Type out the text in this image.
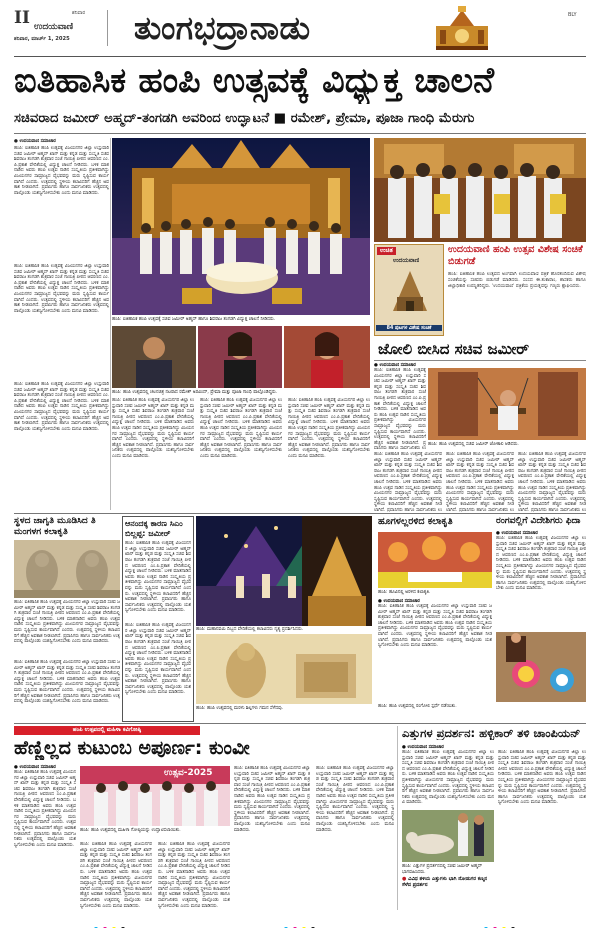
II ಉದಯವಾಣಿ
ಶನಿವಾರ
ಶನಿವಾರ, ಮಾರ್ಚ್ 1, 2025 ತುಂಗಭದ್ರಾನಾಡು	BLY
ಐತಿಹಾಸಿಕ ಹಂಪಿ ಉತ್ಸವಕ್ಕೆ ವಿಧ್ಯುಕ್ತ ಚಾಲನೆ
ಸಚಿವರಾದ ಜಮೀರ್ ಅಹ್ಮದ್-ತಂಗಡಗಿ ಅವರಿಂದ ಉದ್ಘಾಟನೆ ■ ರಮೇಶ್, ಪ್ರೇಮಾ, ಪೂಜಾ ಗಾಂಧಿ ಮೆರುಗು
● ಉದಯವಾಣಿ ಸಮಾಚಾರ
ಹಂಪಿ: ಐತಿಹಾಸಿಕ ಹಂಪಿ ಉತ್ಸವಕ್ಕೆ ವಿಜಯನಗರ ಜಿಲ್ಲಾ ಉಸ್ತುವಾರಿ ಸಚಿವ ಜಮೀರ್ ಅಹ್ಮದ್ ಖಾನ್ ಮತ್ತು ಕನ್ನಡ ಮತ್ತು ಸಂಸ್ಕೃತಿ ಸಚಿವ ಶಿವರಾಜ ತಂಗಡಗಿ ಶುಕ್ರವಾರ ಸಂಜೆ ಗಾಯಿತ್ರಿ ಪೀಠದ ಆವರಣದ ಎಂ.ಪಿ.ಪ್ರಕಾಶ ವೇದಿಕೆಯಲ್ಲಿ ವಿಧ್ಯುಕ್ತ ಚಾಲನೆ ನೀಡಿದರು. ಬಳಿಕ ಮಾತನಾಡಿದ ಅವರು ಹಂಪಿ ಉತ್ಸವ ನಾಡಿನ ಸಂಸ್ಕೃತಿಯ ಪ್ರತೀಕವಾಗಿದ್ದು ವಿಜಯನಗರ ಸಾಮ್ರಾಜ್ಯದ ವೈಭವವನ್ನು ಮರು ಸೃಷ್ಟಿಸುವ ಕಾರ್ಯವಾಗಿದೆ ಎಂದರು. ಉತ್ಸವದಲ್ಲಿ ಸ್ಥಳೀಯ ಕಲಾವಿದರಿಗೆ ಹೆಚ್ಚಿನ ಅವಕಾಶ ನೀಡಲಾಗಿದೆ. ಪ್ರವಾಸಿಗರು ಹಾಗೂ ಸಾರ್ವಜನಿಕರು ಉತ್ಸವದಲ್ಲಿ ಪಾಲ್ಗೊಂಡು ಯಶಸ್ವಿಗೊಳಿಸಬೇಕು ಎಂದು ಮನವಿ ಮಾಡಿದರು.
ಹಂಪಿ: ಐತಿಹಾಸಿಕ ಹಂಪಿ ಉತ್ಸವಕ್ಕೆ ವಿಜಯನಗರ ಜಿಲ್ಲಾ ಉಸ್ತುವಾರಿ ಸಚಿವ ಜಮೀರ್ ಅಹ್ಮದ್ ಖಾನ್ ಮತ್ತು ಕನ್ನಡ ಮತ್ತು ಸಂಸ್ಕೃತಿ ಸಚಿವ ಶಿವರಾಜ ತಂಗಡಗಿ ಶುಕ್ರವಾರ ಸಂಜೆ ಗಾಯಿತ್ರಿ ಪೀಠದ ಆವರಣದ ಎಂ.ಪಿ.ಪ್ರಕಾಶ ವೇದಿಕೆಯಲ್ಲಿ ವಿಧ್ಯುಕ್ತ ಚಾಲನೆ ನೀಡಿದರು. ಬಳಿಕ ಮಾತನಾಡಿದ ಅವರು ಹಂಪಿ ಉತ್ಸವ ನಾಡಿನ ಸಂಸ್ಕೃತಿಯ ಪ್ರತೀಕವಾಗಿದ್ದು ವಿಜಯನಗರ ಸಾಮ್ರಾಜ್ಯದ ವೈಭವವನ್ನು ಮರು ಸೃಷ್ಟಿಸುವ ಕಾರ್ಯವಾಗಿದೆ ಎಂದರು. ಉತ್ಸವದಲ್ಲಿ ಸ್ಥಳೀಯ ಕಲಾವಿದರಿಗೆ ಹೆಚ್ಚಿನ ಅವಕಾಶ ನೀಡಲಾಗಿದೆ. ಪ್ರವಾಸಿಗರು ಹಾಗೂ ಸಾರ್ವಜನಿಕರು ಉತ್ಸವದಲ್ಲಿ ಪಾಲ್ಗೊಂಡು ಯಶಸ್ವಿಗೊಳಿಸಬೇಕು ಎಂದು ಮನವಿ ಮಾಡಿದರು.
ಹಂಪಿ: ಐತಿಹಾಸಿಕ ಹಂಪಿ ಉತ್ಸವಕ್ಕೆ ವಿಜಯನಗರ ಜಿಲ್ಲಾ ಉಸ್ತುವಾರಿ ಸಚಿವ ಜಮೀರ್ ಅಹ್ಮದ್ ಖಾನ್ ಮತ್ತು ಕನ್ನಡ ಮತ್ತು ಸಂಸ್ಕೃತಿ ಸಚಿವ ಶಿವರಾಜ ತಂಗಡಗಿ ಶುಕ್ರವಾರ ಸಂಜೆ ಗಾಯಿತ್ರಿ ಪೀಠದ ಆವರಣದ ಎಂ.ಪಿ.ಪ್ರಕಾಶ ವೇದಿಕೆಯಲ್ಲಿ ವಿಧ್ಯುಕ್ತ ಚಾಲನೆ ನೀಡಿದರು. ಬಳಿಕ ಮಾತನಾಡಿದ ಅವರು ಹಂಪಿ ಉತ್ಸವ ನಾಡಿನ ಸಂಸ್ಕೃತಿಯ ಪ್ರತೀಕವಾಗಿದ್ದು ವಿಜಯನಗರ ಸಾಮ್ರಾಜ್ಯದ ವೈಭವವನ್ನು ಮರು ಸೃಷ್ಟಿಸುವ ಕಾರ್ಯವಾಗಿದೆ ಎಂದರು. ಉತ್ಸವದಲ್ಲಿ ಸ್ಥಳೀಯ ಕಲಾವಿದರಿಗೆ ಹೆಚ್ಚಿನ ಅವಕಾಶ ನೀಡಲಾಗಿದೆ. ಪ್ರವಾಸಿಗರು ಹಾಗೂ ಸಾರ್ವಜನಿಕರು ಉತ್ಸವದಲ್ಲಿ ಪಾಲ್ಗೊಂಡು ಯಶಸ್ವಿಗೊಳಿಸಬೇಕು ಎಂದು ಮನವಿ ಮಾಡಿದರು.
ಹಂಪಿ: ಐತಿಹಾಸಿಕ ಹಂಪಿ ಉತ್ಸವಕ್ಕೆ ಸಚಿವ ಜಮೀರ್ ಅಹ್ಮದ್ ಹಾಗೂ ಶಿವರಾಜ ತಂಗಡಗಿ ವಿಧ್ಯುಕ್ತ ಚಾಲನೆ ನೀಡಿದರು.
ಉಚಿತ
ಉದಯವಾಣಿ
84 ಪುಟಗಳ ವಿಶೇಷ ಸಂಚಿಕೆ
ಉದಯವಾಣಿ ಹಂಪಿ ಉತ್ಸವ ವಿಶೇಷ ಸಂಚಿಕೆ ಬಿಡುಗಡೆ
ಹಂಪಿ: ಐತಿಹಾಸಿಕ ಹಂಪಿ ಉತ್ಸವದ ಅಂಗವಾಗಿ ಉದಯವಾಣಿ ಪತ್ರಿಕೆ ಹೊರತಂದಿರುವ ವಿಶೇಷ ಸಂಚಿಕೆಯನ್ನು ಸಚಿವರು ಬಿಡುಗಡೆ ಮಾಡಿದರು. ಸಂಸದ ಈ.ತುಕಾರಾಂ, ಶಾಸಕರು ಹಾಗೂ ಜಿಲ್ಲಾಧಿಕಾರಿ ಉಪಸ್ಥಿತರಿದ್ದರು. 'ಉದಯವಾಣಿ' ಪತ್ರಿಕೆಯ ಪ್ರಯತ್ನವನ್ನು ಗಣ್ಯರು ಶ್ಲಾಘಿಸಿದರು.
ಹಂಪಿ: ಹಂಪಿ ಉತ್ಸವದಲ್ಲಿ ಚಲನಚಿತ್ರ ನಟರಾದ ರಮೇಶ್ ಅರವಿಂದ್, ಪ್ರೇಮಾ ಮತ್ತು ಪೂಜಾ ಗಾಂಧಿ ಪಾಲ್ಗೊಂಡಿದ್ದರು.
ಹಂಪಿ: ಐತಿಹಾಸಿಕ ಹಂಪಿ ಉತ್ಸವಕ್ಕೆ ವಿಜಯನಗರ ಜಿಲ್ಲಾ ಉಸ್ತುವಾರಿ ಸಚಿವ ಜಮೀರ್ ಅಹ್ಮದ್ ಖಾನ್ ಮತ್ತು ಕನ್ನಡ ಮತ್ತು ಸಂಸ್ಕೃತಿ ಸಚಿವ ಶಿವರಾಜ ತಂಗಡಗಿ ಶುಕ್ರವಾರ ಸಂಜೆ ಗಾಯಿತ್ರಿ ಪೀಠದ ಆವರಣದ ಎಂ.ಪಿ.ಪ್ರಕಾಶ ವೇದಿಕೆಯಲ್ಲಿ ವಿಧ್ಯುಕ್ತ ಚಾಲನೆ ನೀಡಿದರು. ಬಳಿಕ ಮಾತನಾಡಿದ ಅವರು ಹಂಪಿ ಉತ್ಸವ ನಾಡಿನ ಸಂಸ್ಕೃತಿಯ ಪ್ರತೀಕವಾಗಿದ್ದು ವಿಜಯನಗರ ಸಾಮ್ರಾಜ್ಯದ ವೈಭವವನ್ನು ಮರು ಸೃಷ್ಟಿಸುವ ಕಾರ್ಯವಾಗಿದೆ ಎಂದರು. ಉತ್ಸವದಲ್ಲಿ ಸ್ಥಳೀಯ ಕಲಾವಿದರಿಗೆ ಹೆಚ್ಚಿನ ಅವಕಾಶ ನೀಡಲಾಗಿದೆ. ಪ್ರವಾಸಿಗರು ಹಾಗೂ ಸಾರ್ವಜನಿಕರು ಉತ್ಸವದಲ್ಲಿ ಪಾಲ್ಗೊಂಡು ಯಶಸ್ವಿಗೊಳಿಸಬೇಕು ಎಂದು ಮನವಿ ಮಾಡಿದರು.
ಹಂಪಿ: ಐತಿಹಾಸಿಕ ಹಂಪಿ ಉತ್ಸವಕ್ಕೆ ವಿಜಯನಗರ ಜಿಲ್ಲಾ ಉಸ್ತುವಾರಿ ಸಚಿವ ಜಮೀರ್ ಅಹ್ಮದ್ ಖಾನ್ ಮತ್ತು ಕನ್ನಡ ಮತ್ತು ಸಂಸ್ಕೃತಿ ಸಚಿವ ಶಿವರಾಜ ತಂಗಡಗಿ ಶುಕ್ರವಾರ ಸಂಜೆ ಗಾಯಿತ್ರಿ ಪೀಠದ ಆವರಣದ ಎಂ.ಪಿ.ಪ್ರಕಾಶ ವೇದಿಕೆಯಲ್ಲಿ ವಿಧ್ಯುಕ್ತ ಚಾಲನೆ ನೀಡಿದರು. ಬಳಿಕ ಮಾತನಾಡಿದ ಅವರು ಹಂಪಿ ಉತ್ಸವ ನಾಡಿನ ಸಂಸ್ಕೃತಿಯ ಪ್ರತೀಕವಾಗಿದ್ದು ವಿಜಯನಗರ ಸಾಮ್ರಾಜ್ಯದ ವೈಭವವನ್ನು ಮರು ಸೃಷ್ಟಿಸುವ ಕಾರ್ಯವಾಗಿದೆ ಎಂದರು. ಉತ್ಸವದಲ್ಲಿ ಸ್ಥಳೀಯ ಕಲಾವಿದರಿಗೆ ಹೆಚ್ಚಿನ ಅವಕಾಶ ನೀಡಲಾಗಿದೆ. ಪ್ರವಾಸಿಗರು ಹಾಗೂ ಸಾರ್ವಜನಿಕರು ಉತ್ಸವದಲ್ಲಿ ಪಾಲ್ಗೊಂಡು ಯಶಸ್ವಿಗೊಳಿಸಬೇಕು ಎಂದು ಮನವಿ ಮಾಡಿದರು.
ಹಂಪಿ: ಐತಿಹಾಸಿಕ ಹಂಪಿ ಉತ್ಸವಕ್ಕೆ ವಿಜಯನಗರ ಜಿಲ್ಲಾ ಉಸ್ತುವಾರಿ ಸಚಿವ ಜಮೀರ್ ಅಹ್ಮದ್ ಖಾನ್ ಮತ್ತು ಕನ್ನಡ ಮತ್ತು ಸಂಸ್ಕೃತಿ ಸಚಿವ ಶಿವರಾಜ ತಂಗಡಗಿ ಶುಕ್ರವಾರ ಸಂಜೆ ಗಾಯಿತ್ರಿ ಪೀಠದ ಆವರಣದ ಎಂ.ಪಿ.ಪ್ರಕಾಶ ವೇದಿಕೆಯಲ್ಲಿ ವಿಧ್ಯುಕ್ತ ಚಾಲನೆ ನೀಡಿದರು. ಬಳಿಕ ಮಾತನಾಡಿದ ಅವರು ಹಂಪಿ ಉತ್ಸವ ನಾಡಿನ ಸಂಸ್ಕೃತಿಯ ಪ್ರತೀಕವಾಗಿದ್ದು ವಿಜಯನಗರ ಸಾಮ್ರಾಜ್ಯದ ವೈಭವವನ್ನು ಮರು ಸೃಷ್ಟಿಸುವ ಕಾರ್ಯವಾಗಿದೆ ಎಂದರು. ಉತ್ಸವದಲ್ಲಿ ಸ್ಥಳೀಯ ಕಲಾವಿದರಿಗೆ ಹೆಚ್ಚಿನ ಅವಕಾಶ ನೀಡಲಾಗಿದೆ. ಪ್ರವಾಸಿಗರು ಹಾಗೂ ಸಾರ್ವಜನಿಕರು ಉತ್ಸವದಲ್ಲಿ ಪಾಲ್ಗೊಂಡು ಯಶಸ್ವಿಗೊಳಿಸಬೇಕು ಎಂದು ಮನವಿ ಮಾಡಿದರು.
ಜೋಲಿ ಬೀಸಿದ ಸಚಿವ ಜಮೀರ್
● ಉದಯವಾಣಿ ಸಮಾಚಾರ
ಹಂಪಿ: ಐತಿಹಾಸಿಕ ಹಂಪಿ ಉತ್ಸವಕ್ಕೆ ವಿಜಯನಗರ ಜಿಲ್ಲಾ ಉಸ್ತುವಾರಿ ಸಚಿವ ಜಮೀರ್ ಅಹ್ಮದ್ ಖಾನ್ ಮತ್ತು ಕನ್ನಡ ಮತ್ತು ಸಂಸ್ಕೃತಿ ಸಚಿವ ಶಿವರಾಜ ತಂಗಡಗಿ ಶುಕ್ರವಾರ ಸಂಜೆ ಗಾಯಿತ್ರಿ ಪೀಠದ ಆವರಣದ ಎಂ.ಪಿ.ಪ್ರಕಾಶ ವೇದಿಕೆಯಲ್ಲಿ ವಿಧ್ಯುಕ್ತ ಚಾಲನೆ ನೀಡಿದರು. ಬಳಿಕ ಮಾತನಾಡಿದ ಅವರು ಹಂಪಿ ಉತ್ಸವ ನಾಡಿನ ಸಂಸ್ಕೃತಿಯ ಪ್ರತೀಕವಾಗಿದ್ದು ವಿಜಯನಗರ ಸಾಮ್ರಾಜ್ಯದ ವೈಭವವನ್ನು ಮರು ಸೃಷ್ಟಿಸುವ ಕಾರ್ಯವಾಗಿದೆ ಎಂದರು. ಉತ್ಸವದಲ್ಲಿ ಸ್ಥಳೀಯ ಕಲಾವಿದರಿಗೆ ಹೆಚ್ಚಿನ ಅವಕಾಶ ನೀಡಲಾಗಿದೆ. ಪ್ರವಾಸಿಗರು ಹಾಗೂ ಸಾರ್ವಜನಿಕರು ಉ
ಹಂಪಿ: ಹಂಪಿ ಉತ್ಸವದಲ್ಲಿ ಸಚಿವ ಜಮೀರ್ ಜೋಕಾಲಿ ಆಡಿದರು.
ಹಂಪಿ: ಐತಿಹಾಸಿಕ ಹಂಪಿ ಉತ್ಸವಕ್ಕೆ ವಿಜಯನಗರ ಜಿಲ್ಲಾ ಉಸ್ತುವಾರಿ ಸಚಿವ ಜಮೀರ್ ಅಹ್ಮದ್ ಖಾನ್ ಮತ್ತು ಕನ್ನಡ ಮತ್ತು ಸಂಸ್ಕೃತಿ ಸಚಿವ ಶಿವರಾಜ ತಂಗಡಗಿ ಶುಕ್ರವಾರ ಸಂಜೆ ಗಾಯಿತ್ರಿ ಪೀಠದ ಆವರಣದ ಎಂ.ಪಿ.ಪ್ರಕಾಶ ವೇದಿಕೆಯಲ್ಲಿ ವಿಧ್ಯುಕ್ತ ಚಾಲನೆ ನೀಡಿದರು. ಬಳಿಕ ಮಾತನಾಡಿದ ಅವರು ಹಂಪಿ ಉತ್ಸವ ನಾಡಿನ ಸಂಸ್ಕೃತಿಯ ಪ್ರತೀಕವಾಗಿದ್ದು ವಿಜಯನಗರ ಸಾಮ್ರಾಜ್ಯದ ವೈಭವವನ್ನು ಮರು ಸೃಷ್ಟಿಸುವ ಕಾರ್ಯವಾಗಿದೆ ಎಂದರು. ಉತ್ಸವದಲ್ಲಿ ಸ್ಥಳೀಯ ಕಲಾವಿದರಿಗೆ ಹೆಚ್ಚಿನ ಅವಕಾಶ ನೀಡಲಾಗಿದೆ. ಪ್ರವಾಸಿಗರು ಹಾಗೂ ಸಾರ್ವಜನಿಕರು ಉ
ಹಂಪಿ: ಐತಿಹಾಸಿಕ ಹಂಪಿ ಉತ್ಸವಕ್ಕೆ ವಿಜಯನಗರ ಜಿಲ್ಲಾ ಉಸ್ತುವಾರಿ ಸಚಿವ ಜಮೀರ್ ಅಹ್ಮದ್ ಖಾನ್ ಮತ್ತು ಕನ್ನಡ ಮತ್ತು ಸಂಸ್ಕೃತಿ ಸಚಿವ ಶಿವರಾಜ ತಂಗಡಗಿ ಶುಕ್ರವಾರ ಸಂಜೆ ಗಾಯಿತ್ರಿ ಪೀಠದ ಆವರಣದ ಎಂ.ಪಿ.ಪ್ರಕಾಶ ವೇದಿಕೆಯಲ್ಲಿ ವಿಧ್ಯುಕ್ತ ಚಾಲನೆ ನೀಡಿದರು. ಬಳಿಕ ಮಾತನಾಡಿದ ಅವರು ಹಂಪಿ ಉತ್ಸವ ನಾಡಿನ ಸಂಸ್ಕೃತಿಯ ಪ್ರತೀಕವಾಗಿದ್ದು ವಿಜಯನಗರ ಸಾಮ್ರಾಜ್ಯದ ವೈಭವವನ್ನು ಮರು ಸೃಷ್ಟಿಸುವ ಕಾರ್ಯವಾಗಿದೆ ಎಂದರು. ಉತ್ಸವದಲ್ಲಿ ಸ್ಥಳೀಯ ಕಲಾವಿದರಿಗೆ ಹೆಚ್ಚಿನ ಅವಕಾಶ ನೀಡಲಾಗಿದೆ. ಪ್ರವಾಸಿಗರು ಹಾಗೂ ಸಾರ್ವಜನಿಕರು ಉ
ಹಂಪಿ: ಐತಿಹಾಸಿಕ ಹಂಪಿ ಉತ್ಸವಕ್ಕೆ ವಿಜಯನಗರ ಜಿಲ್ಲಾ ಉಸ್ತುವಾರಿ ಸಚಿವ ಜಮೀರ್ ಅಹ್ಮದ್ ಖಾನ್ ಮತ್ತು ಕನ್ನಡ ಮತ್ತು ಸಂಸ್ಕೃತಿ ಸಚಿವ ಶಿವರಾಜ ತಂಗಡಗಿ ಶುಕ್ರವಾರ ಸಂಜೆ ಗಾಯಿತ್ರಿ ಪೀಠದ ಆವರಣದ ಎಂ.ಪಿ.ಪ್ರಕಾಶ ವೇದಿಕೆಯಲ್ಲಿ ವಿಧ್ಯುಕ್ತ ಚಾಲನೆ ನೀಡಿದರು. ಬಳಿಕ ಮಾತನಾಡಿದ ಅವರು ಹಂಪಿ ಉತ್ಸವ ನಾಡಿನ ಸಂಸ್ಕೃತಿಯ ಪ್ರತೀಕವಾಗಿದ್ದು ವಿಜಯನಗರ ಸಾಮ್ರಾಜ್ಯದ ವೈಭವವನ್ನು ಮರು ಸೃಷ್ಟಿಸುವ ಕಾರ್ಯವಾಗಿದೆ ಎಂದರು. ಉತ್ಸವದಲ್ಲಿ ಸ್ಥಳೀಯ ಕಲಾವಿದರಿಗೆ ಹೆಚ್ಚಿನ ಅವಕಾಶ ನೀಡಲಾಗಿದೆ. ಪ್ರವಾಸಿಗರು ಹಾಗೂ ಸಾರ್ವಜನಿಕರು ಉ
ಸ್ಥಳದ ಜಾಗೃತಿ ಮೂಡಿಸಿದ ತಿ ಮಂಗಳಗ ಕಲಾಕೃತಿ
ಹಂಪಿ: ಐತಿಹಾಸಿಕ ಹಂಪಿ ಉತ್ಸವಕ್ಕೆ ವಿಜಯನಗರ ಜಿಲ್ಲಾ ಉಸ್ತುವಾರಿ ಸಚಿವ ಜಮೀರ್ ಅಹ್ಮದ್ ಖಾನ್ ಮತ್ತು ಕನ್ನಡ ಮತ್ತು ಸಂಸ್ಕೃತಿ ಸಚಿವ ಶಿವರಾಜ ತಂಗಡಗಿ ಶುಕ್ರವಾರ ಸಂಜೆ ಗಾಯಿತ್ರಿ ಪೀಠದ ಆವರಣದ ಎಂ.ಪಿ.ಪ್ರಕಾಶ ವೇದಿಕೆಯಲ್ಲಿ ವಿಧ್ಯುಕ್ತ ಚಾಲನೆ ನೀಡಿದರು. ಬಳಿಕ ಮಾತನಾಡಿದ ಅವರು ಹಂಪಿ ಉತ್ಸವ ನಾಡಿನ ಸಂಸ್ಕೃತಿಯ ಪ್ರತೀಕವಾಗಿದ್ದು ವಿಜಯನಗರ ಸಾಮ್ರಾಜ್ಯದ ವೈಭವವನ್ನು ಮರು ಸೃಷ್ಟಿಸುವ ಕಾರ್ಯವಾಗಿದೆ ಎಂದರು. ಉತ್ಸವದಲ್ಲಿ ಸ್ಥಳೀಯ ಕಲಾವಿದರಿಗೆ ಹೆಚ್ಚಿನ ಅವಕಾಶ ನೀಡಲಾಗಿದೆ. ಪ್ರವಾಸಿಗರು ಹಾಗೂ ಸಾರ್ವಜನಿಕರು ಉತ್ಸವದಲ್ಲಿ ಪಾಲ್ಗೊಂಡು ಯಶಸ್ವಿಗೊಳಿಸಬೇಕು ಎಂದು ಮನವಿ ಮಾಡಿದರು.
ಹಂಪಿ: ಐತಿಹಾಸಿಕ ಹಂಪಿ ಉತ್ಸವಕ್ಕೆ ವಿಜಯನಗರ ಜಿಲ್ಲಾ ಉಸ್ತುವಾರಿ ಸಚಿವ ಜಮೀರ್ ಅಹ್ಮದ್ ಖಾನ್ ಮತ್ತು ಕನ್ನಡ ಮತ್ತು ಸಂಸ್ಕೃತಿ ಸಚಿವ ಶಿವರಾಜ ತಂಗಡಗಿ ಶುಕ್ರವಾರ ಸಂಜೆ ಗಾಯಿತ್ರಿ ಪೀಠದ ಆವರಣದ ಎಂ.ಪಿ.ಪ್ರಕಾಶ ವೇದಿಕೆಯಲ್ಲಿ ವಿಧ್ಯುಕ್ತ ಚಾಲನೆ ನೀಡಿದರು. ಬಳಿಕ ಮಾತನಾಡಿದ ಅವರು ಹಂಪಿ ಉತ್ಸವ ನಾಡಿನ ಸಂಸ್ಕೃತಿಯ ಪ್ರತೀಕವಾಗಿದ್ದು ವಿಜಯನಗರ ಸಾಮ್ರಾಜ್ಯದ ವೈಭವವನ್ನು ಮರು ಸೃಷ್ಟಿಸುವ ಕಾರ್ಯವಾಗಿದೆ ಎಂದರು. ಉತ್ಸವದಲ್ಲಿ ಸ್ಥಳೀಯ ಕಲಾವಿದರಿಗೆ ಹೆಚ್ಚಿನ ಅವಕಾಶ ನೀಡಲಾಗಿದೆ. ಪ್ರವಾಸಿಗರು ಹಾಗೂ ಸಾರ್ವಜನಿಕರು ಉತ್ಸವದಲ್ಲಿ ಪಾಲ್ಗೊಂಡು ಯಶಸ್ವಿಗೊಳಿಸಬೇಕು ಎಂದು ಮನವಿ ಮಾಡಿದರು.
ಆನಂದಕ್ಕ ಕಾರಣ ಸಿಎಂ ಬಿಲ್ಲಪ್ಪ: ಜಮೀರ್
ಹಂಪಿ: ಐತಿಹಾಸಿಕ ಹಂಪಿ ಉತ್ಸವಕ್ಕೆ ವಿಜಯನಗರ ಜಿಲ್ಲಾ ಉಸ್ತುವಾರಿ ಸಚಿವ ಜಮೀರ್ ಅಹ್ಮದ್ ಖಾನ್ ಮತ್ತು ಕನ್ನಡ ಮತ್ತು ಸಂಸ್ಕೃತಿ ಸಚಿವ ಶಿವರಾಜ ತಂಗಡಗಿ ಶುಕ್ರವಾರ ಸಂಜೆ ಗಾಯಿತ್ರಿ ಪೀಠದ ಆವರಣದ ಎಂ.ಪಿ.ಪ್ರಕಾಶ ವೇದಿಕೆಯಲ್ಲಿ ವಿಧ್ಯುಕ್ತ ಚಾಲನೆ ನೀಡಿದರು. ಬಳಿಕ ಮಾತನಾಡಿದ ಅವರು ಹಂಪಿ ಉತ್ಸವ ನಾಡಿನ ಸಂಸ್ಕೃತಿಯ ಪ್ರತೀಕವಾಗಿದ್ದು ವಿಜಯನಗರ ಸಾಮ್ರಾಜ್ಯದ ವೈಭವವನ್ನು ಮರು ಸೃಷ್ಟಿಸುವ ಕಾರ್ಯವಾಗಿದೆ ಎಂದರು. ಉತ್ಸವದಲ್ಲಿ ಸ್ಥಳೀಯ ಕಲಾವಿದರಿಗೆ ಹೆಚ್ಚಿನ ಅವಕಾಶ ನೀಡಲಾಗಿದೆ. ಪ್ರವಾಸಿಗರು ಹಾಗೂ ಸಾರ್ವಜನಿಕರು ಉತ್ಸವದಲ್ಲಿ ಪಾಲ್ಗೊಂಡು ಯಶಸ್ವಿಗೊಳಿಸಬೇಕು ಎಂದು ಮನವಿ ಮಾಡಿದರು.
ಹಂಪಿ: ಐತಿಹಾಸಿಕ ಹಂಪಿ ಉತ್ಸವಕ್ಕೆ ವಿಜಯನಗರ ಜಿಲ್ಲಾ ಉಸ್ತುವಾರಿ ಸಚಿವ ಜಮೀರ್ ಅಹ್ಮದ್ ಖಾನ್ ಮತ್ತು ಕನ್ನಡ ಮತ್ತು ಸಂಸ್ಕೃತಿ ಸಚಿವ ಶಿವರಾಜ ತಂಗಡಗಿ ಶುಕ್ರವಾರ ಸಂಜೆ ಗಾಯಿತ್ರಿ ಪೀಠದ ಆವರಣದ ಎಂ.ಪಿ.ಪ್ರಕಾಶ ವೇದಿಕೆಯಲ್ಲಿ ವಿಧ್ಯುಕ್ತ ಚಾಲನೆ ನೀಡಿದರು. ಬಳಿಕ ಮಾತನಾಡಿದ ಅವರು ಹಂಪಿ ಉತ್ಸವ ನಾಡಿನ ಸಂಸ್ಕೃತಿಯ ಪ್ರತೀಕವಾಗಿದ್ದು ವಿಜಯನಗರ ಸಾಮ್ರಾಜ್ಯದ ವೈಭವವನ್ನು ಮರು ಸೃಷ್ಟಿಸುವ ಕಾರ್ಯವಾಗಿದೆ ಎಂದರು. ಉತ್ಸವದಲ್ಲಿ ಸ್ಥಳೀಯ ಕಲಾವಿದರಿಗೆ ಹೆಚ್ಚಿನ ಅವಕಾಶ ನೀಡಲಾಗಿದೆ. ಪ್ರವಾಸಿಗರು ಹಾಗೂ ಸಾರ್ವಜನಿಕರು ಉತ್ಸವದಲ್ಲಿ ಪಾಲ್ಗೊಂಡು ಯಶಸ್ವಿಗೊಳಿಸಬೇಕು ಎಂದು ಮನವಿ ಮಾಡಿದರು.
ಹಂಪಿ: ಮಹಾನವಮಿ ದಿಬ್ಬದ ವೇದಿಕೆಯಲ್ಲಿ ಕಲಾವಿದರು ನೃತ್ಯ ಪ್ರದರ್ಶಿಸಿದರು.
ಹಂಪಿ: ಹಂಪಿ ಉತ್ಸವದಲ್ಲಿ ಮರಳು ಶಿಲ್ಪಗಳು ಗಮನ ಸೆಳೆದವು.
ಹೂಗಳಲ್ಲರಳಿದ ಕಲಾಕೃತಿ
ಹಂಪಿ: ಹೂವಿನಲ್ಲಿ ಅರಳಿದ ಕಲಾಕೃತಿ.
● ಉದಯವಾಣಿ ಸಮಾಚಾರ
ಹಂಪಿ: ಐತಿಹಾಸಿಕ ಹಂಪಿ ಉತ್ಸವಕ್ಕೆ ವಿಜಯನಗರ ಜಿಲ್ಲಾ ಉಸ್ತುವಾರಿ ಸಚಿವ ಜಮೀರ್ ಅಹ್ಮದ್ ಖಾನ್ ಮತ್ತು ಕನ್ನಡ ಮತ್ತು ಸಂಸ್ಕೃತಿ ಸಚಿವ ಶಿವರಾಜ ತಂಗಡಗಿ ಶುಕ್ರವಾರ ಸಂಜೆ ಗಾಯಿತ್ರಿ ಪೀಠದ ಆವರಣದ ಎಂ.ಪಿ.ಪ್ರಕಾಶ ವೇದಿಕೆಯಲ್ಲಿ ವಿಧ್ಯುಕ್ತ ಚಾಲನೆ ನೀಡಿದರು. ಬಳಿಕ ಮಾತನಾಡಿದ ಅವರು ಹಂಪಿ ಉತ್ಸವ ನಾಡಿನ ಸಂಸ್ಕೃತಿಯ ಪ್ರತೀಕವಾಗಿದ್ದು ವಿಜಯನಗರ ಸಾಮ್ರಾಜ್ಯದ ವೈಭವವನ್ನು ಮರು ಸೃಷ್ಟಿಸುವ ಕಾರ್ಯವಾಗಿದೆ ಎಂದರು. ಉತ್ಸವದಲ್ಲಿ ಸ್ಥಳೀಯ ಕಲಾವಿದರಿಗೆ ಹೆಚ್ಚಿನ ಅವಕಾಶ ನೀಡಲಾಗಿದೆ. ಪ್ರವಾಸಿಗರು ಹಾಗೂ ಸಾರ್ವಜನಿಕರು ಉತ್ಸವದಲ್ಲಿ ಪಾಲ್ಗೊಂಡು ಯಶಸ್ವಿಗೊಳಿಸಬೇಕು ಎಂದು ಮನವಿ ಮಾಡಿದರು.
ರಂಗವಲ್ಲಿಗೆ ವಿದೇಶಿಗರು ಫಿದಾ
● ಉದಯವಾಣಿ ಸಮಾಚಾರ
ಹಂಪಿ: ಐತಿಹಾಸಿಕ ಹಂಪಿ ಉತ್ಸವಕ್ಕೆ ವಿಜಯನಗರ ಜಿಲ್ಲಾ ಉಸ್ತುವಾರಿ ಸಚಿವ ಜಮೀರ್ ಅಹ್ಮದ್ ಖಾನ್ ಮತ್ತು ಕನ್ನಡ ಮತ್ತು ಸಂಸ್ಕೃತಿ ಸಚಿವ ಶಿವರಾಜ ತಂಗಡಗಿ ಶುಕ್ರವಾರ ಸಂಜೆ ಗಾಯಿತ್ರಿ ಪೀಠದ ಆವರಣದ ಎಂ.ಪಿ.ಪ್ರಕಾಶ ವೇದಿಕೆಯಲ್ಲಿ ವಿಧ್ಯುಕ್ತ ಚಾಲನೆ ನೀಡಿದರು. ಬಳಿಕ ಮಾತನಾಡಿದ ಅವರು ಹಂಪಿ ಉತ್ಸವ ನಾಡಿನ ಸಂಸ್ಕೃತಿಯ ಪ್ರತೀಕವಾಗಿದ್ದು ವಿಜಯನಗರ ಸಾಮ್ರಾಜ್ಯದ ವೈಭವವನ್ನು ಮರು ಸೃಷ್ಟಿಸುವ ಕಾರ್ಯವಾಗಿದೆ ಎಂದರು. ಉತ್ಸವದಲ್ಲಿ ಸ್ಥಳೀಯ ಕಲಾವಿದರಿಗೆ ಹೆಚ್ಚಿನ ಅವಕಾಶ ನೀಡಲಾಗಿದೆ. ಪ್ರವಾಸಿಗರು ಹಾಗೂ ಸಾರ್ವಜನಿಕರು ಉತ್ಸವದಲ್ಲಿ ಪಾಲ್ಗೊಂಡು ಯಶಸ್ವಿಗೊಳಿಸಬೇಕು ಎಂದು ಮನವಿ ಮಾಡಿದರು.
ಹಂಪಿ: ಹಂಪಿ ಉತ್ಸವದಲ್ಲಿ ರಂಗೋಲಿ ಸ್ಪರ್ಧೆ ನಡೆಯಿತು.
ಹಂಪಿ ಉತ್ಸವದಲ್ಲಿ ಮಹಿಳಾ ಕವಿಗೋಷ್ಠಿ
ಹೆಣ್ಣಿಲ್ಲದ ಕುಟುಂಬ ಅಪೂರ್ಣ: ಕುಂವೀ
● ಉದಯವಾಣಿ ಸಮಾಚಾರ
ಹಂಪಿ: ಐತಿಹಾಸಿಕ ಹಂಪಿ ಉತ್ಸವಕ್ಕೆ ವಿಜಯನಗರ ಜಿಲ್ಲಾ ಉಸ್ತುವಾರಿ ಸಚಿವ ಜಮೀರ್ ಅಹ್ಮದ್ ಖಾನ್ ಮತ್ತು ಕನ್ನಡ ಮತ್ತು ಸಂಸ್ಕೃತಿ ಸಚಿವ ಶಿವರಾಜ ತಂಗಡಗಿ ಶುಕ್ರವಾರ ಸಂಜೆ ಗಾಯಿತ್ರಿ ಪೀಠದ ಆವರಣದ ಎಂ.ಪಿ.ಪ್ರಕಾಶ ವೇದಿಕೆಯಲ್ಲಿ ವಿಧ್ಯುಕ್ತ ಚಾಲನೆ ನೀಡಿದರು. ಬಳಿಕ ಮಾತನಾಡಿದ ಅವರು ಹಂಪಿ ಉತ್ಸವ ನಾಡಿನ ಸಂಸ್ಕೃತಿಯ ಪ್ರತೀಕವಾಗಿದ್ದು ವಿಜಯನಗರ ಸಾಮ್ರಾಜ್ಯದ ವೈಭವವನ್ನು ಮರು ಸೃಷ್ಟಿಸುವ ಕಾರ್ಯವಾಗಿದೆ ಎಂದರು. ಉತ್ಸವದಲ್ಲಿ ಸ್ಥಳೀಯ ಕಲಾವಿದರಿಗೆ ಹೆಚ್ಚಿನ ಅವಕಾಶ ನೀಡಲಾಗಿದೆ. ಪ್ರವಾಸಿಗರು ಹಾಗೂ ಸಾರ್ವಜನಿಕರು ಉತ್ಸವದಲ್ಲಿ ಪಾಲ್ಗೊಂಡು ಯಶಸ್ವಿಗೊಳಿಸಬೇಕು ಎಂದು ಮನವಿ ಮಾಡಿದರು.
ಉತ್ಸವ-2025
ಹಂಪಿ: ಹಂಪಿ ಉತ್ಸವದಲ್ಲಿ ಮಹಿಳಾ ಗೋಷ್ಠಿಯನ್ನು ಉದ್ಘಾಟಿಸಲಾಯಿತು.
ಹಂಪಿ: ಐತಿಹಾಸಿಕ ಹಂಪಿ ಉತ್ಸವಕ್ಕೆ ವಿಜಯನಗರ ಜಿಲ್ಲಾ ಉಸ್ತುವಾರಿ ಸಚಿವ ಜಮೀರ್ ಅಹ್ಮದ್ ಖಾನ್ ಮತ್ತು ಕನ್ನಡ ಮತ್ತು ಸಂಸ್ಕೃತಿ ಸಚಿವ ಶಿವರಾಜ ತಂಗಡಗಿ ಶುಕ್ರವಾರ ಸಂಜೆ ಗಾಯಿತ್ರಿ ಪೀಠದ ಆವರಣದ ಎಂ.ಪಿ.ಪ್ರಕಾಶ ವೇದಿಕೆಯಲ್ಲಿ ವಿಧ್ಯುಕ್ತ ಚಾಲನೆ ನೀಡಿದರು. ಬಳಿಕ ಮಾತನಾಡಿದ ಅವರು ಹಂಪಿ ಉತ್ಸವ ನಾಡಿನ ಸಂಸ್ಕೃತಿಯ ಪ್ರತೀಕವಾಗಿದ್ದು ವಿಜಯನಗರ ಸಾಮ್ರಾಜ್ಯದ ವೈಭವವನ್ನು ಮರು ಸೃಷ್ಟಿಸುವ ಕಾರ್ಯವಾಗಿದೆ ಎಂದರು. ಉತ್ಸವದಲ್ಲಿ ಸ್ಥಳೀಯ ಕಲಾವಿದರಿಗೆ ಹೆಚ್ಚಿನ ಅವಕಾಶ ನೀಡಲಾಗಿದೆ. ಪ್ರವಾಸಿಗರು ಹಾಗೂ ಸಾರ್ವಜನಿಕರು ಉತ್ಸವದಲ್ಲಿ ಪಾಲ್ಗೊಂಡು ಯಶಸ್ವಿಗೊಳಿಸಬೇಕು ಎಂದು ಮನವಿ ಮಾಡಿದರು.
ಹಂಪಿ: ಐತಿಹಾಸಿಕ ಹಂಪಿ ಉತ್ಸವಕ್ಕೆ ವಿಜಯನಗರ ಜಿಲ್ಲಾ ಉಸ್ತುವಾರಿ ಸಚಿವ ಜಮೀರ್ ಅಹ್ಮದ್ ಖಾನ್ ಮತ್ತು ಕನ್ನಡ ಮತ್ತು ಸಂಸ್ಕೃತಿ ಸಚಿವ ಶಿವರಾಜ ತಂಗಡಗಿ ಶುಕ್ರವಾರ ಸಂಜೆ ಗಾಯಿತ್ರಿ ಪೀಠದ ಆವರಣದ ಎಂ.ಪಿ.ಪ್ರಕಾಶ ವೇದಿಕೆಯಲ್ಲಿ ವಿಧ್ಯುಕ್ತ ಚಾಲನೆ ನೀಡಿದರು. ಬಳಿಕ ಮಾತನಾಡಿದ ಅವರು ಹಂಪಿ ಉತ್ಸವ ನಾಡಿನ ಸಂಸ್ಕೃತಿಯ ಪ್ರತೀಕವಾಗಿದ್ದು ವಿಜಯನಗರ ಸಾಮ್ರಾಜ್ಯದ ವೈಭವವನ್ನು ಮರು ಸೃಷ್ಟಿಸುವ ಕಾರ್ಯವಾಗಿದೆ ಎಂದರು. ಉತ್ಸವದಲ್ಲಿ ಸ್ಥಳೀಯ ಕಲಾವಿದರಿಗೆ ಹೆಚ್ಚಿನ ಅವಕಾಶ ನೀಡಲಾಗಿದೆ. ಪ್ರವಾಸಿಗರು ಹಾಗೂ ಸಾರ್ವಜನಿಕರು ಉತ್ಸವದಲ್ಲಿ ಪಾಲ್ಗೊಂಡು ಯಶಸ್ವಿಗೊಳಿಸಬೇಕು ಎಂದು ಮನವಿ ಮಾಡಿದರು.
ಹಂಪಿ: ಐತಿಹಾಸಿಕ ಹಂಪಿ ಉತ್ಸವಕ್ಕೆ ವಿಜಯನಗರ ಜಿಲ್ಲಾ ಉಸ್ತುವಾರಿ ಸಚಿವ ಜಮೀರ್ ಅಹ್ಮದ್ ಖಾನ್ ಮತ್ತು ಕನ್ನಡ ಮತ್ತು ಸಂಸ್ಕೃತಿ ಸಚಿವ ಶಿವರಾಜ ತಂಗಡಗಿ ಶುಕ್ರವಾರ ಸಂಜೆ ಗಾಯಿತ್ರಿ ಪೀಠದ ಆವರಣದ ಎಂ.ಪಿ.ಪ್ರಕಾಶ ವೇದಿಕೆಯಲ್ಲಿ ವಿಧ್ಯುಕ್ತ ಚಾಲನೆ ನೀಡಿದರು. ಬಳಿಕ ಮಾತನಾಡಿದ ಅವರು ಹಂಪಿ ಉತ್ಸವ ನಾಡಿನ ಸಂಸ್ಕೃತಿಯ ಪ್ರತೀಕವಾಗಿದ್ದು ವಿಜಯನಗರ ಸಾಮ್ರಾಜ್ಯದ ವೈಭವವನ್ನು ಮರು ಸೃಷ್ಟಿಸುವ ಕಾರ್ಯವಾಗಿದೆ ಎಂದರು. ಉತ್ಸವದಲ್ಲಿ ಸ್ಥಳೀಯ ಕಲಾವಿದರಿಗೆ ಹೆಚ್ಚಿನ ಅವಕಾಶ ನೀಡಲಾಗಿದೆ. ಪ್ರವಾಸಿಗರು ಹಾಗೂ ಸಾರ್ವಜನಿಕರು ಉತ್ಸವದಲ್ಲಿ ಪಾಲ್ಗೊಂಡು ಯಶಸ್ವಿಗೊಳಿಸಬೇಕು ಎಂದು ಮನವಿ ಮಾಡಿದರು.
ಹಂಪಿ: ಐತಿಹಾಸಿಕ ಹಂಪಿ ಉತ್ಸವಕ್ಕೆ ವಿಜಯನಗರ ಜಿಲ್ಲಾ ಉಸ್ತುವಾರಿ ಸಚಿವ ಜಮೀರ್ ಅಹ್ಮದ್ ಖಾನ್ ಮತ್ತು ಕನ್ನಡ ಮತ್ತು ಸಂಸ್ಕೃತಿ ಸಚಿವ ಶಿವರಾಜ ತಂಗಡಗಿ ಶುಕ್ರವಾರ ಸಂಜೆ ಗಾಯಿತ್ರಿ ಪೀಠದ ಆವರಣದ ಎಂ.ಪಿ.ಪ್ರಕಾಶ ವೇದಿಕೆಯಲ್ಲಿ ವಿಧ್ಯುಕ್ತ ಚಾಲನೆ ನೀಡಿದರು. ಬಳಿಕ ಮಾತನಾಡಿದ ಅವರು ಹಂಪಿ ಉತ್ಸವ ನಾಡಿನ ಸಂಸ್ಕೃತಿಯ ಪ್ರತೀಕವಾಗಿದ್ದು ವಿಜಯನಗರ ಸಾಮ್ರಾಜ್ಯದ ವೈಭವವನ್ನು ಮರು ಸೃಷ್ಟಿಸುವ ಕಾರ್ಯವಾಗಿದೆ ಎಂದರು. ಉತ್ಸವದಲ್ಲಿ ಸ್ಥಳೀಯ ಕಲಾವಿದರಿಗೆ ಹೆಚ್ಚಿನ ಅವಕಾಶ ನೀಡಲಾಗಿದೆ. ಪ್ರವಾಸಿಗರು ಹಾಗೂ ಸಾರ್ವಜನಿಕರು ಉತ್ಸವದಲ್ಲಿ ಪಾಲ್ಗೊಂಡು ಯಶಸ್ವಿಗೊಳಿಸಬೇಕು ಎಂದು ಮನವಿ ಮಾಡಿದರು.
ಎತ್ತುಗಳ ಪ್ರದರ್ಶನ: ಹಳ್ಳಿಕಾರ್ ತಳಿ ಚಾಂಪಿಯನ್
● ಉದಯವಾಣಿ ಸಮಾಚಾರ
ಹಂಪಿ: ಐತಿಹಾಸಿಕ ಹಂಪಿ ಉತ್ಸವಕ್ಕೆ ವಿಜಯನಗರ ಜಿಲ್ಲಾ ಉಸ್ತುವಾರಿ ಸಚಿವ ಜಮೀರ್ ಅಹ್ಮದ್ ಖಾನ್ ಮತ್ತು ಕನ್ನಡ ಮತ್ತು ಸಂಸ್ಕೃತಿ ಸಚಿವ ಶಿವರಾಜ ತಂಗಡಗಿ ಶುಕ್ರವಾರ ಸಂಜೆ ಗಾಯಿತ್ರಿ ಪೀಠದ ಆವರಣದ ಎಂ.ಪಿ.ಪ್ರಕಾಶ ವೇದಿಕೆಯಲ್ಲಿ ವಿಧ್ಯುಕ್ತ ಚಾಲನೆ ನೀಡಿದರು. ಬಳಿಕ ಮಾತನಾಡಿದ ಅವರು ಹಂಪಿ ಉತ್ಸವ ನಾಡಿನ ಸಂಸ್ಕೃತಿಯ ಪ್ರತೀಕವಾಗಿದ್ದು ವಿಜಯನಗರ ಸಾಮ್ರಾಜ್ಯದ ವೈಭವವನ್ನು ಮರು ಸೃಷ್ಟಿಸುವ ಕಾರ್ಯವಾಗಿದೆ ಎಂದರು. ಉತ್ಸವದಲ್ಲಿ ಸ್ಥಳೀಯ ಕಲಾವಿದರಿಗೆ ಹೆಚ್ಚಿನ ಅವಕಾಶ ನೀಡಲಾಗಿದೆ. ಪ್ರವಾಸಿಗರು ಹಾಗೂ ಸಾರ್ವಜನಿಕರು ಉತ್ಸವದಲ್ಲಿ ಪಾಲ್ಗೊಂಡು ಯಶಸ್ವಿಗೊಳಿಸಬೇಕು ಎಂದು ಮನವಿ ಮಾಡಿದರು.
ಹಂಪಿ: ಐತಿಹಾಸಿಕ ಹಂಪಿ ಉತ್ಸವಕ್ಕೆ ವಿಜಯನಗರ ಜಿಲ್ಲಾ ಉಸ್ತುವಾರಿ ಸಚಿವ ಜಮೀರ್ ಅಹ್ಮದ್ ಖಾನ್ ಮತ್ತು ಕನ್ನಡ ಮತ್ತು ಸಂಸ್ಕೃತಿ ಸಚಿವ ಶಿವರಾಜ ತಂಗಡಗಿ ಶುಕ್ರವಾರ ಸಂಜೆ ಗಾಯಿತ್ರಿ ಪೀಠದ ಆವರಣದ ಎಂ.ಪಿ.ಪ್ರಕಾಶ ವೇದಿಕೆಯಲ್ಲಿ ವಿಧ್ಯುಕ್ತ ಚಾಲನೆ ನೀಡಿದರು. ಬಳಿಕ ಮಾತನಾಡಿದ ಅವರು ಹಂಪಿ ಉತ್ಸವ ನಾಡಿನ ಸಂಸ್ಕೃತಿಯ ಪ್ರತೀಕವಾಗಿದ್ದು ವಿಜಯನಗರ ಸಾಮ್ರಾಜ್ಯದ ವೈಭವವನ್ನು ಮರು ಸೃಷ್ಟಿಸುವ ಕಾರ್ಯವಾಗಿದೆ ಎಂದರು. ಉತ್ಸವದಲ್ಲಿ ಸ್ಥಳೀಯ ಕಲಾವಿದರಿಗೆ ಹೆಚ್ಚಿನ ಅವಕಾಶ ನೀಡಲಾಗಿದೆ. ಪ್ರವಾಸಿಗರು ಹಾಗೂ ಸಾರ್ವಜನಿಕರು ಉತ್ಸವದಲ್ಲಿ ಪಾಲ್ಗೊಂಡು ಯಶಸ್ವಿಗೊಳಿಸಬೇಕು ಎಂದು ಮನವಿ ಮಾಡಿದರು.
ಹಂಪಿ: ಎತ್ತುಗಳ ಪ್ರದರ್ಶನದಲ್ಲಿ ಸಚಿವ ಜಮೀರ್ ಅಹ್ಮದ್ ಭಾಗವಹಿಸಿದರು.
● ವಿವಿಧ ತಳಿಯ ಎತ್ತುಗಳು ಭಾಗಿ ನೋಡುಗರ ಕಣ್ಮನ ಸೆಳೆದ ಪ್ರದರ್ಶನ
